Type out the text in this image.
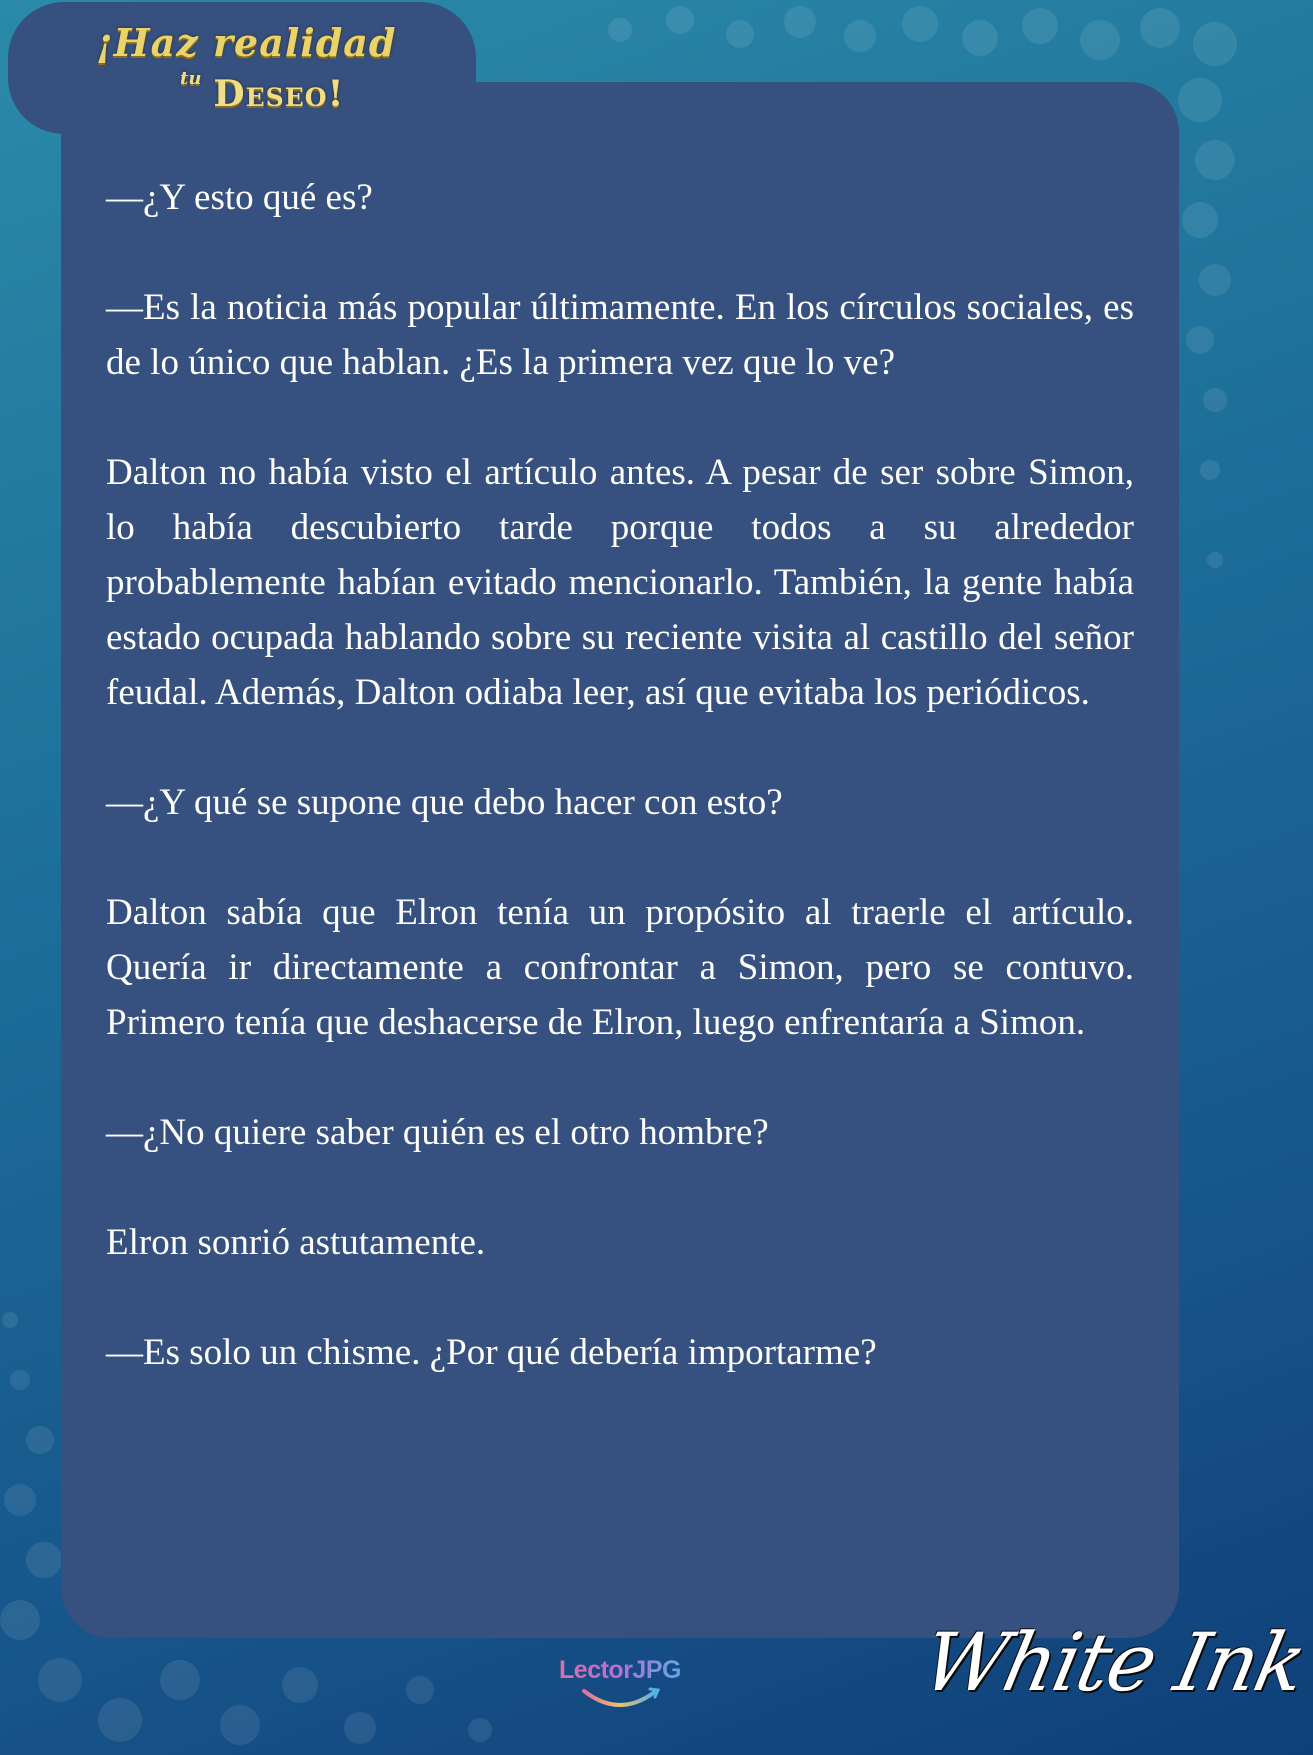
¡Haz realidad
tu Deseo!

—¿Y esto qué es?

—Es la noticia más popular últimamente. En los círculos sociales, es de lo único que hablan. ¿Es la primera vez que lo ve?

Dalton no había visto el artículo antes. A pesar de ser sobre Simon, lo había descubierto tarde porque todos a su alrededor probablemente habían evitado mencionarlo. También, la gente había estado ocupada hablando sobre su reciente visita al castillo del señor feudal. Además, Dalton odiaba leer, así que evitaba los periódicos.

—¿Y qué se supone que debo hacer con esto?

Dalton sabía que Elron tenía un propósito al traerle el artículo. Quería ir directamente a confrontar a Simon, pero se contuvo. Primero tenía que deshacerse de Elron, luego enfrentaría a Simon.

—¿No quiere saber quién es el otro hombre?

Elron sonrió astutamente.

—Es solo un chisme. ¿Por qué debería importarme?

LectorJPG	White Ink
